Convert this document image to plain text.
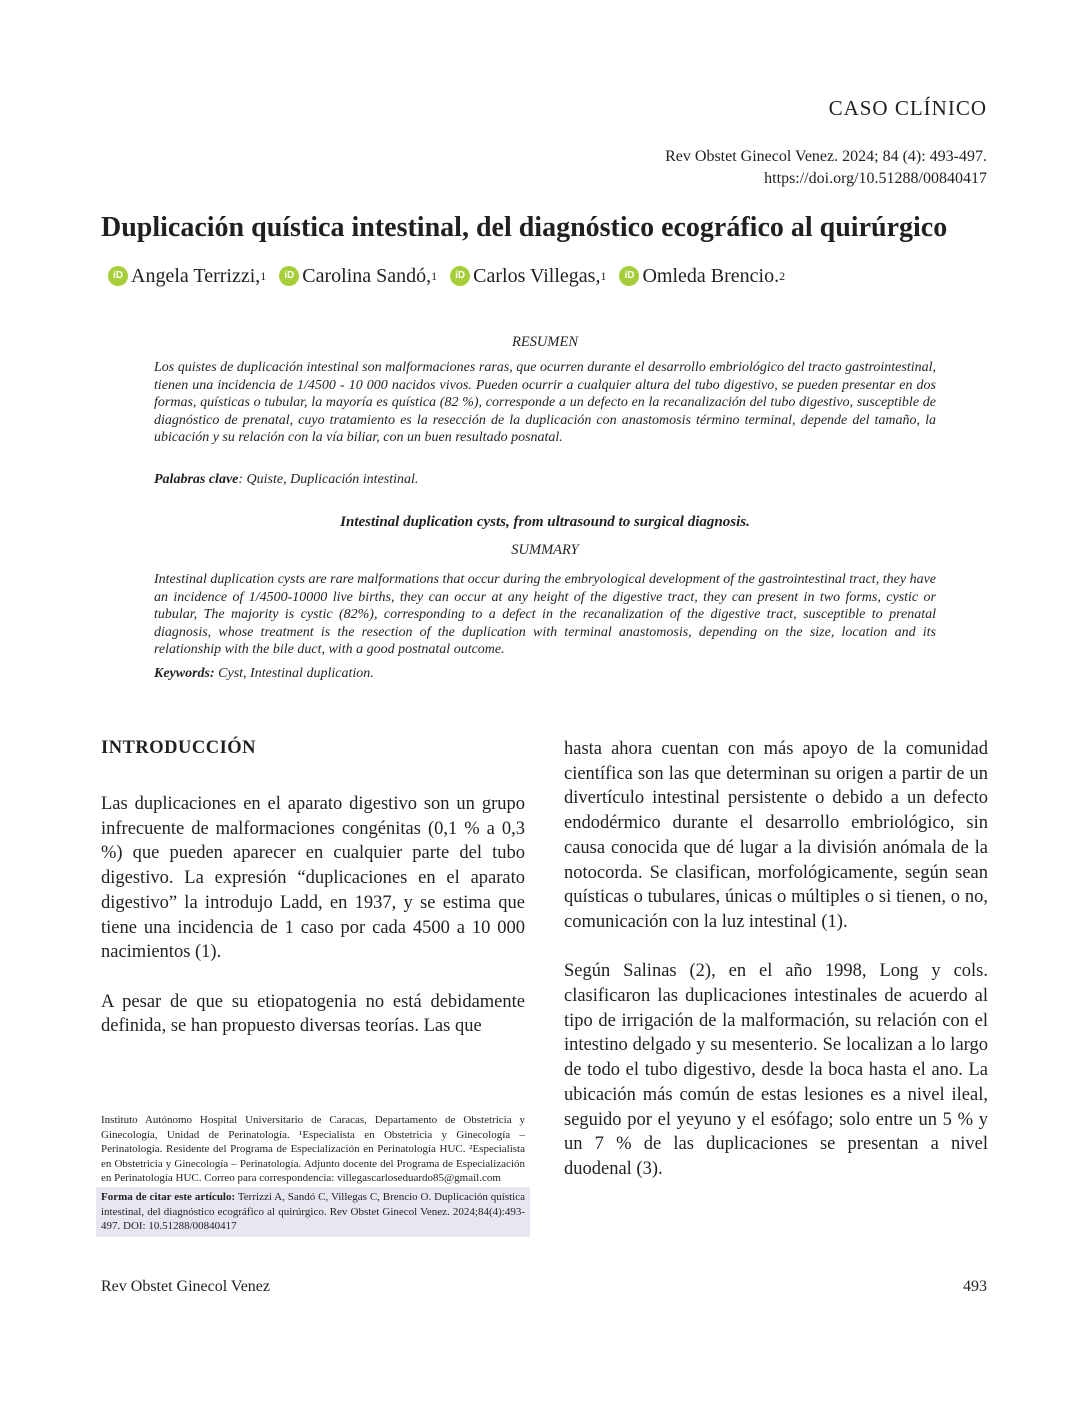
CASO CLÍNICO
Rev Obstet Ginecol Venez. 2024; 84 (4): 493-497.
https://doi.org/10.51288/00840417
Duplicación quística intestinal, del diagnóstico ecográfico al quirúrgico
iD Angela Terrizzi, 1
	iD Carolina Sandó, 1
	iD Carlos Villegas, 1
	iD Omleda Brencio. 2
RESUMEN
Los quistes de duplicación intestinal son malformaciones raras, que ocurren durante el desarrollo embriológico del tracto gastrointestinal, tienen una incidencia de 1/4500 - 10 000 nacidos vivos. Pueden ocurrir a cualquier altura del tubo digestivo, se pueden presentar en dos formas, quísticas o tubular, la mayoría es quística (82 %), corresponde a un defecto en la recanalización del tubo digestivo, susceptible de diagnóstico de prenatal, cuyo tratamiento es la resección de la duplicación con anastomosis término terminal, depende del tamaño, la ubicación y su relación con la vía biliar, con un buen resultado posnatal.
Palabras clave: Quiste, Duplicación intestinal.
Intestinal duplication cysts, from ultrasound to surgical diagnosis.
SUMMARY
Intestinal duplication cysts are rare malformations that occur during the embryological development of the gastrointestinal tract, they have an incidence of 1/4500-10000 live births, they can occur at any height of the digestive tract, they can present in two forms, cystic or tubular, The majority is cystic (82%), corresponding to a defect in the recanalization of the digestive tract, susceptible to prenatal diagnosis, whose treatment is the resection of the duplication with terminal anastomosis, depending on the size, location and its relationship with the bile duct, with a good postnatal outcome.
Keywords: Cyst, Intestinal duplication.
INTRODUCCIÓN

Las duplicaciones en el aparato digestivo son un grupo infrecuente de malformaciones congénitas (0,1 % a 0,3 %) que pueden aparecer en cualquier parte del tubo digestivo. La expresión “duplicaciones en el aparato digestivo” la introdujo Ladd, en 1937, y se estima que tiene una incidencia de 1 caso por cada 4500 a 10 000 nacimientos (1).

A pesar de que su etiopatogenia no está debidamente definida, se han propuesto diversas teorías. Las que

hasta ahora cuentan con más apoyo de la comunidad científica son las que determinan su origen a partir de un divertículo intestinal persistente o debido a un defecto endodérmico durante el desarrollo embriológico, sin causa conocida que dé lugar a la división anómala de la notocorda. Se clasifican, morfológicamente, según sean quísticas o tubulares, únicas o múltiples o si tienen, o no, comunicación con la luz intestinal (1).

Según Salinas (2), en el año 1998, Long y cols. clasificaron las duplicaciones intestinales de acuerdo al tipo de irrigación de la malformación, su relación con el intestino delgado y su mesenterio. Se localizan a lo largo de todo el tubo digestivo, desde la boca hasta el ano. La ubicación más común de estas lesiones es a nivel ileal, seguido por el yeyuno y el esófago; solo entre un 5 % y un 7 % de las duplicaciones se presentan a nivel duodenal (3).

Instituto Autónomo Hospital Universitario de Caracas, Departamento de Obstetricia y Ginecología, Unidad de Perinatología. ¹Especialista en Obstetricia y Ginecología – Perinatología. Residente del Programa de Especialización en Perinatología HUC. ²Especialista en Obstetricia y Ginecología – Perinatología. Adjunto docente del Programa de Especialización en Perinatología HUC. Correo para correspondencia: villegascarloseduardo85@gmail.com
Forma de citar este artículo: Terrizzi A, Sandó C, Villegas C, Brencio O. Duplicación quística intestinal, del diagnóstico ecográfico al quirúrgico. Rev Obstet Ginecol Venez. 2024;84(4):493-497. DOI: 10.51288/00840417
Rev Obstet Ginecol Venez	493
